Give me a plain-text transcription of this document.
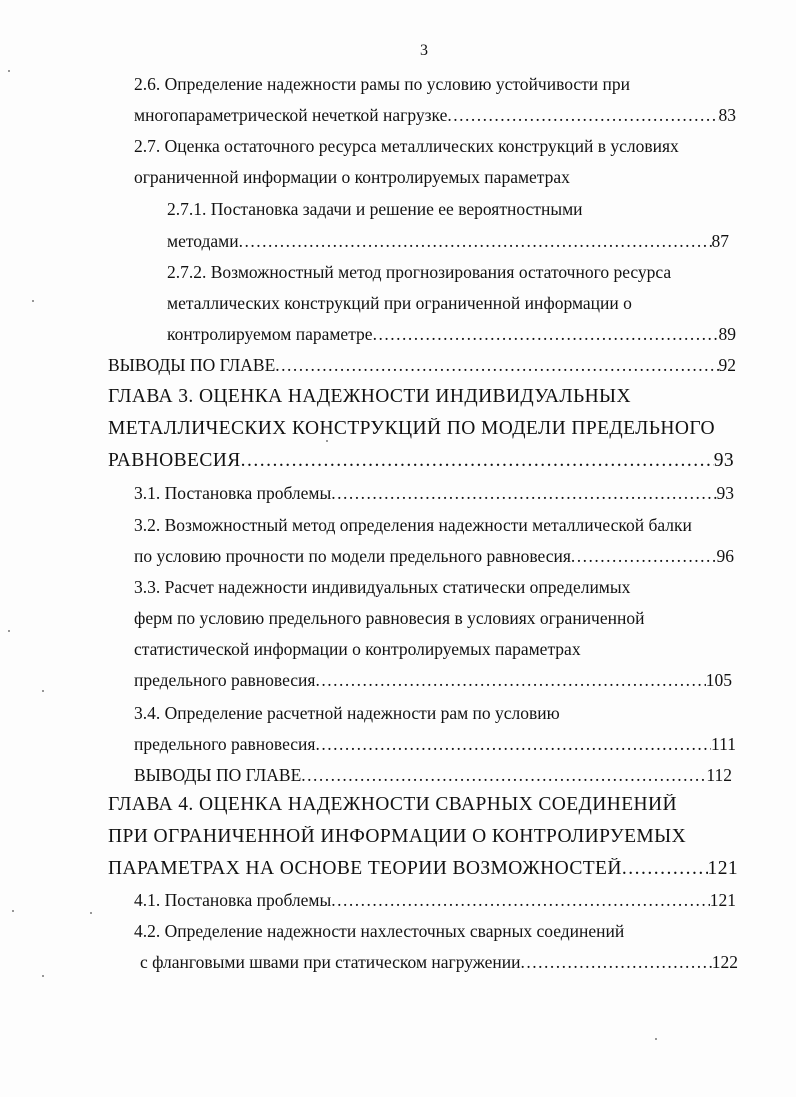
3
2.6. Определение надежности рамы по условию устойчивости при
многопараметрической нечеткой нагрузке .....	83
2.7. Оценка остаточного ресурса металлических конструкций в условиях
ограниченной информации о контролируемых параметрах
2.7.1. Постановка задачи и решение ее вероятностными
методами .....	87
2.7.2. Возможностный метод прогнозирования остаточного ресурса
металлических конструкций при ограниченной информации о
контролируемом параметре .....	89
ВЫВОДЫ ПО ГЛАВЕ .....	92
ГЛАВА 3. ОЦЕНКА НАДЕЖНОСТИ ИНДИВИДУАЛЬНЫХ
МЕТАЛЛИЧЕСКИХ КОНСТРУКЦИЙ ПО МОДЕЛИ ПРЕДЕЛЬНОГО
РАВНОВЕСИЯ .....	93
3.1. Постановка проблемы .....	93
3.2. Возможностный метод определения надежности металлической балки
по условию прочности по модели предельного равновесия .....	96
3.3. Расчет надежности индивидуальных статически определимых
ферм по условию предельного равновесия в условиях ограниченной
статистической информации о контролируемых параметрах
предельного равновесия .....	105
3.4. Определение расчетной надежности рам по условию
предельного равновесия .....	111
ВЫВОДЫ ПО ГЛАВЕ .....	112
ГЛАВА 4. ОЦЕНКА НАДЕЖНОСТИ СВАРНЫХ СОЕДИНЕНИЙ
ПРИ ОГРАНИЧЕННОЙ ИНФОРМАЦИИ О КОНТРОЛИРУЕМЫХ
ПАРАМЕТРАХ НА ОСНОВЕ ТЕОРИИ ВОЗМОЖНОСТЕЙ .....	121
4.1. Постановка проблемы .....	121
4.2. Определение надежности нахлесточных сварных соединений
с фланговыми швами при статическом нагружении .....	122
